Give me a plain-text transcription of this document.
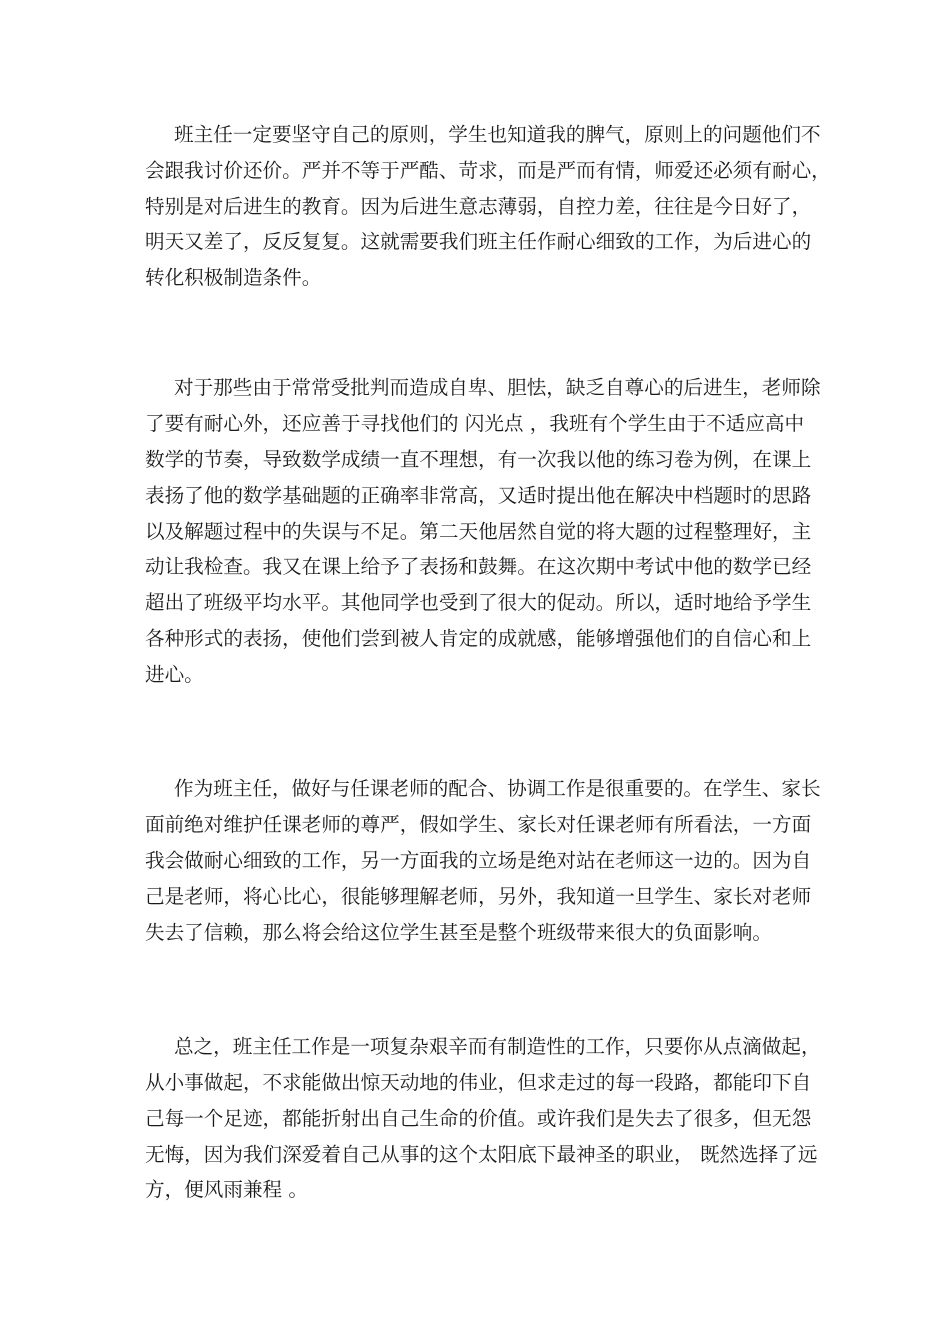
班主任一定要坚守自己的原则，学生也知道我的脾气，原则上的问题他们不

会跟我讨价还价。严并不等于严酷、苛求，而是严而有情，师爱还必须有耐心，

特别是对后进生的教育。因为后进生意志薄弱，自控力差，往往是今日好了，

明天又差了，反反复复。这就需要我们班主任作耐心细致的工作，为后进心的

转化积极制造条件。

对于那些由于常常受批判而造成自卑、胆怯，缺乏自尊心的后进生，老师除

了要有耐心外，还应善于寻找他们的 闪光点 ，我班有个学生由于不适应高中

数学的节奏，导致数学成绩一直不理想，有一次我以他的练习卷为例，在课上

表扬了他的数学基础题的正确率非常高，又适时提出他在解决中档题时的思路

以及解题过程中的失误与不足。第二天他居然自觉的将大题的过程整理好，主

动让我检查。我又在课上给予了表扬和鼓舞。在这次期中考试中他的数学已经

超出了班级平均水平。其他同学也受到了很大的促动。所以，适时地给予学生

各种形式的表扬，使他们尝到被人肯定的成就感，能够增强他们的自信心和上

进心。

作为班主任，做好与任课老师的配合、协调工作是很重要的。在学生、家长

面前绝对维护任课老师的尊严，假如学生、家长对任课老师有所看法，一方面

我会做耐心细致的工作，另一方面我的立场是绝对站在老师这一边的。因为自

己是老师，将心比心，很能够理解老师，另外，我知道一旦学生、家长对老师

失去了信赖，那么将会给这位学生甚至是整个班级带来很大的负面影响。

总之，班主任工作是一项复杂艰辛而有制造性的工作，只要你从点滴做起，

从小事做起，不求能做出惊天动地的伟业，但求走过的每一段路，都能印下自

己每一个足迹，都能折射出自己生命的价值。或许我们是失去了很多，但无怨

无悔，因为我们深爱着自己从事的这个太阳底下最神圣的职业， 既然选择了远

方，便风雨兼程 。
